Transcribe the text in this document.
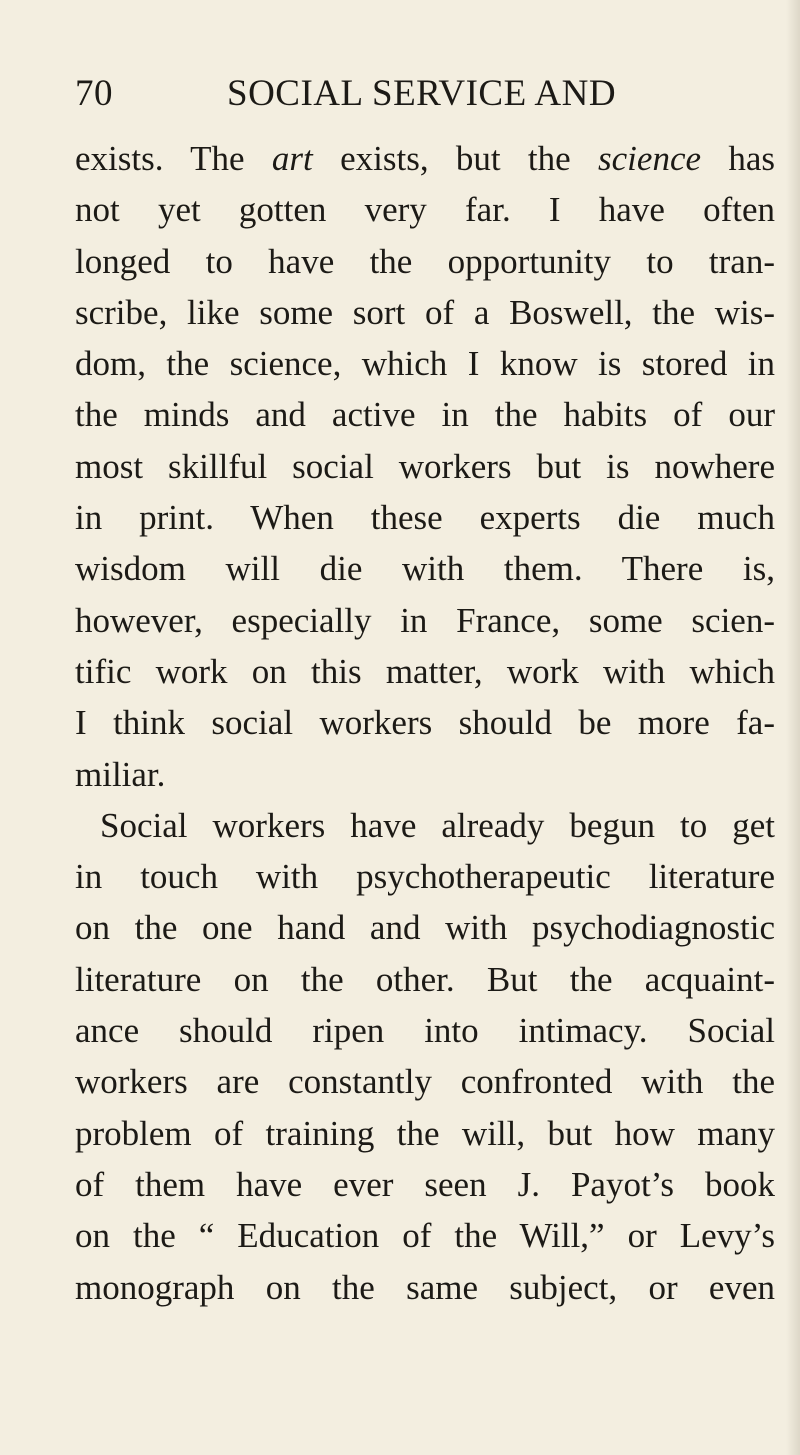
70	SOCIAL SERVICE AND
exists. The art exists, but the science has
not yet gotten very far. I have often
longed to have the opportunity to tran-
scribe, like some sort of a Boswell, the wis-
dom, the science, which I know is stored in
the minds and active in the habits of our
most skillful social workers but is nowhere
in print. When these experts die much
wisdom will die with them. There is,
however, especially in France, some scien-
tific work on this matter, work with which
I think social workers should be more fa-
miliar.
Social workers have already begun to get
in touch with psychotherapeutic literature
on the one hand and with psychodiagnostic
literature on the other. But the acquaint-
ance should ripen into intimacy. Social
workers are constantly confronted with the
problem of training the will, but how many
of them have ever seen J. Payot’s book
on the “ Education of the Will,” or Levy’s
monograph on the same subject, or even
